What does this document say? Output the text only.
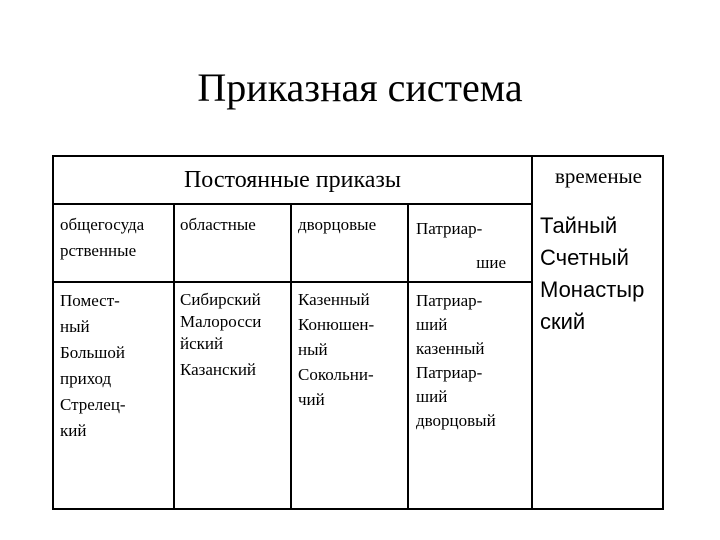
Приказная система
Постоянные приказы	временые
общегосуда
рственные
областные дворцовые Патриар-
шие
Помест-
ный
Большой
приход
Стрелец-
кий
Сибирский
Малоросси
йский
Казанский
Казенный
Конюшен-
ный
Сокольни-
чий
Патриар-
ший
казенный
Патриар-
ший
дворцовый
Тайный
Счетный
Монастыр
ский
